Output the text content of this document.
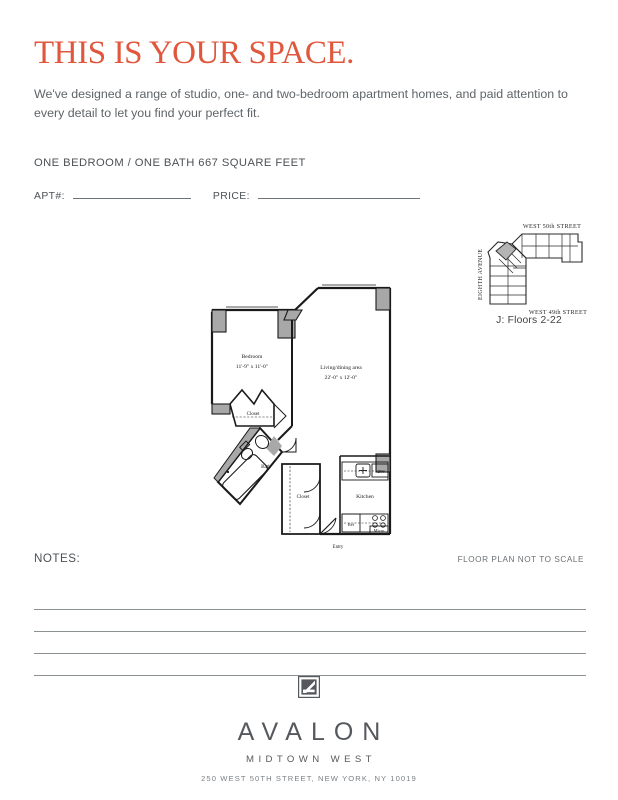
THIS IS YOUR SPACE.

We've designed a range of studio, one- and two-bedroom apartment homes, and paid attention to every detail to let you find your perfect fit.

ONE BEDROOM / ONE BATH 667 SQUARE FEET
APT#:	PRICE:
WEST 50th STREET
WEST 49th STREET
EIGHTH AVENUE
J: Floors 2-22
Bedroom
11'-9" x 11'-0"	Living/dining area
22'-0" x 12'-0"
Closet
Bath
Closet
Entry
Kitchen
DW
Ref
Micro
NOTES:	FLOOR PLAN NOT TO SCALE
AVALON
MIDTOWN WEST
250 WEST 50TH STREET, NEW YORK, NY 10019
